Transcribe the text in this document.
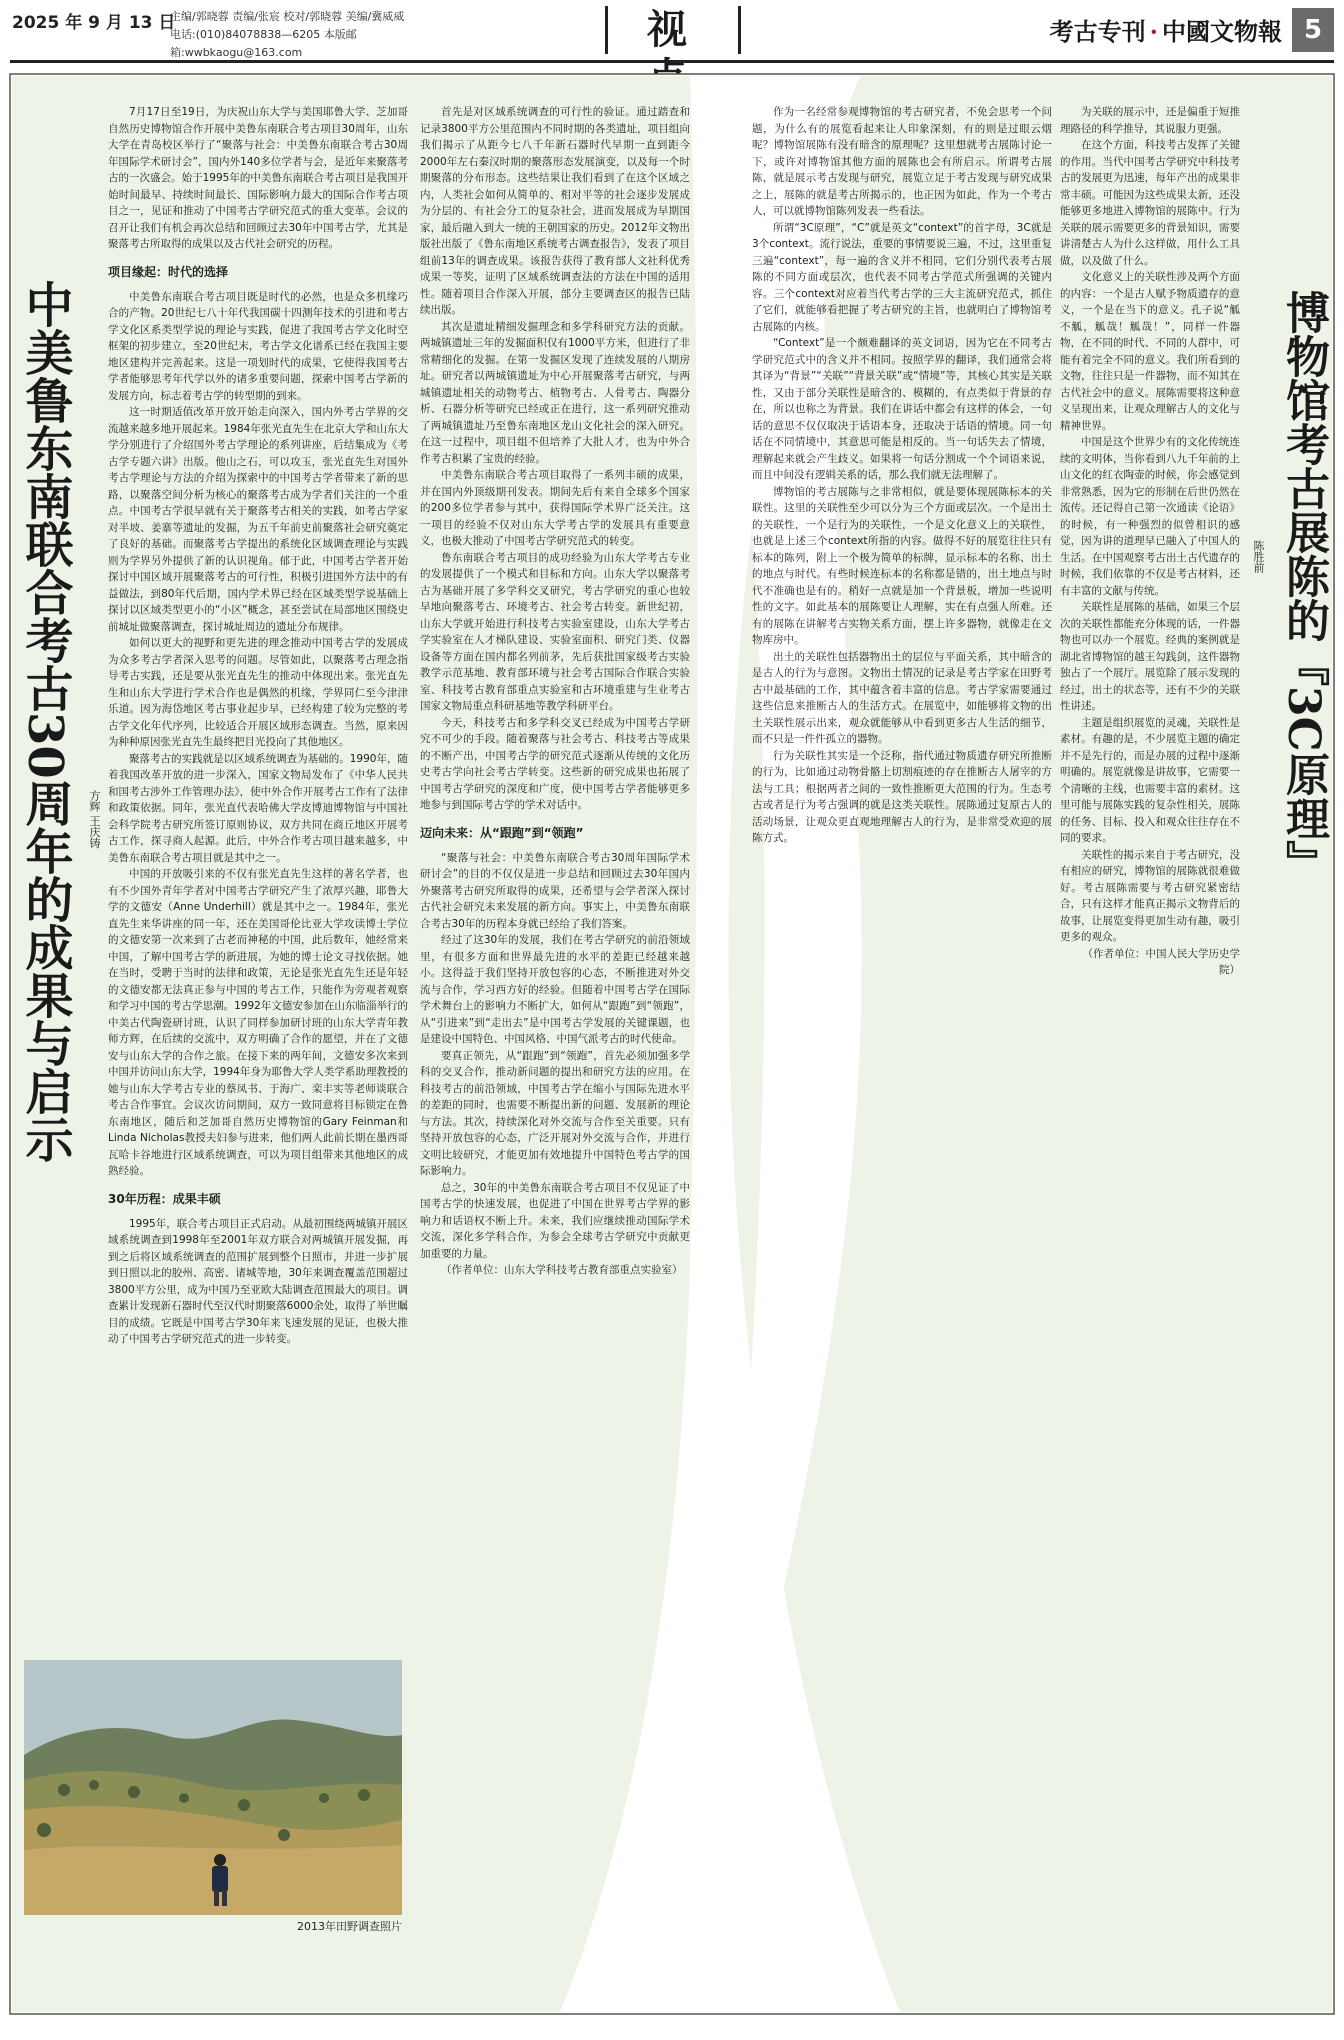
2025 年 9 月 13 日
主编/郭晓蓉 责编/张宸 校对/郭晓蓉 美编/冀威威
电话:(010)84078838—6205 本版邮箱:wwbkaogu@163.com	视	考古专刊 · 中國文物報 5
中美鲁东南联合考古30周年的成果与启示	方辉 王庆铸

7月17日至19日，为庆祝山东大学与美国耶鲁大学、芝加哥自然历史博物馆合作开展中美鲁东南联合考古项目30周年，山东大学在青岛校区举行了“聚落与社会：中美鲁东南联合考古30周年国际学术研讨会”，国内外140多位学者与会，是近年来聚落考古的一次盛会。始于1995年的中美鲁东南联合考古项目是我国开始时间最早、持续时间最长、国际影响力最大的国际合作考古项目之一，见证和推动了中国考古学研究范式的重大变革。会议的召开让我们有机会再次总结和回顾过去30年中国考古学，尤其是聚落考古所取得的成果以及古代社会研究的历程。

项目缘起：时代的选择

中美鲁东南联合考古项目既是时代的必然，也是众多机缘巧合的产物。20世纪七八十年代我国碳十四测年技术的引进和考古学文化区系类型学说的理论与实践，促进了我国考古学文化时空框架的初步建立，至20世纪末，考古学文化谱系已经在我国主要地区建构并完善起来。这是一项划时代的成果，它使得我国考古学者能够思考年代学以外的诸多重要问题，探索中国考古学新的发展方向，标志着考古学的转型期的到来。

这一时期适值改革开放开始走向深入，国内外考古学界的交流越来越多地开展起来。1984年张光直先生在北京大学和山东大学分别进行了介绍国外考古学理论的系列讲座，后结集成为《考古学专题六讲》出版。他山之石，可以攻玉，张光直先生对国外考古学理论与方法的介绍为探索中的中国考古学者带来了新的思路，以聚落空间分析为核心的聚落考古成为学者们关注的一个重点。中国考古学很早就有关于聚落考古相关的实践，如考古学家对半坡、姜寨等遗址的发掘，为五千年前史前聚落社会研究奠定了良好的基础。而聚落考古学提出的系统化区域调查理论与实践则为学界另外提供了新的认识视角。郁于此，中国考古学者开始探讨中国区域开展聚落考古的可行性，积极引进国外方法中的有益做法，到80年代后期，国内学术界已经在区域类型学说基础上探讨以区域类型更小的“小区”概念，甚至尝试在局部地区围绕史前城址做聚落调查，探讨城址周边的遗址分布规律。

如何以更大的视野和更先进的理念推动中国考古学的发展成为众多考古学者深入思考的问题。尽管如此，以聚落考古理念指导考古实践，还是要从张光直先生的推动中体现出来。张光直先生和山东大学进行学术合作也是偶然的机缘，学界同仁至今津津乐道。因为海岱地区考古事业起步早，已经构建了较为完整的考古学文化年代序列，比较适合开展区域形态调查。当然，原来因为种种原因张光直先生最终把目光投向了其他地区。

聚落考古的实践就是以区域系统调查为基础的。1990年，随着我国改革开放的进一步深入，国家文物局发布了《中华人民共和国考古涉外工作管理办法》，使中外合作开展考古工作有了法律和政策依据。同年，张光直代表哈佛大学皮博迪博物馆与中国社会科学院考古研究所签订原则协议，双方共同在商丘地区开展考古工作，探寻商人起源。此后，中外合作考古项目越来越多，中美鲁东南联合考古项目就是其中之一。

中国的开放吸引来的不仅有张光直先生这样的著名学者，也有不少国外青年学者对中国考古学研究产生了浓厚兴趣，耶鲁大学的文德安（Anne Underhill）就是其中之一。1984年，张光直先生来华讲座的同一年，还在美国哥伦比亚大学攻读博士学位的文德安第一次来到了古老而神秘的中国，此后数年，她经常来中国，了解中国考古学的新进展，为她的博士论文寻找依据。她在当时，受聘于当时的法律和政策，无论是张光直先生还是年轻的文德安都无法真正参与中国的考古工作，只能作为旁观者观察和学习中国的考古学思潮。1992年文德安参加在山东临淄举行的中美古代陶瓷研讨班，认识了同样参加研讨班的山东大学青年教师方辉，在后续的交流中，双方明确了合作的愿望，并在了文德安与山东大学的合作之旅。在接下来的两年间，文德安多次来到中国并访问山东大学，1994年身为耶鲁大学人类学系助理教授的她与山东大学考古专业的蔡凤书、于海广、栾丰实等老师谈联合考古合作事宜。会议次访问期间，双方一致同意将目标锁定在鲁东南地区，随后和芝加哥自然历史博物馆的Gary Feinman和Linda Nicholas教授夫妇参与进来，他们两人此前长期在墨西哥瓦哈卡谷地进行区域系统调查，可以为项目组带来其他地区的成熟经验。

30年历程：成果丰硕

1995年，联合考古项目正式启动。从最初围绕两城镇开展区域系统调查到1998年至2001年双方联合对两城镇开展发掘，再到之后将区域系统调查的范围扩展到整个日照市，并进一步扩展到日照以北的胶州、高密、诸城等地，30年来调查覆盖范围超过3800平方公里，成为中国乃至亚欧大陆调查范围最大的项目。调查累计发现新石器时代至汉代时期聚落6000余处，取得了举世瞩目的成绩。它既是中国考古学30年来飞速发展的见证，也极大推动了中国考古学研究范式的进一步转变。

首先是对区域系统调查的可行性的验证。通过踏查和记录3800平方公里范围内不同时期的各类遗址，项目组向我们揭示了从距今七八千年新石器时代早期一直到距今2000年左右秦汉时期的聚落形态发展演变，以及每一个时期聚落的分布形态。这些结果让我们看到了在这个区域之内，人类社会如何从简单的、相对平等的社会逐步发展成为分层的、有社会分工的复杂社会，进而发展成为早期国家，最后融入到大一统的王朝国家的历史。2012年文物出版社出版了《鲁东南地区系统考古调查报告》，发表了项目组前13年的调查成果。该报告获得了教育部人文社科优秀成果一等奖，证明了区域系统调查法的方法在中国的适用性。随着项目合作深入开展，部分主要调查区的报告已陆续出版。

其次是遗址精细发掘理念和多学科研究方法的贡献。两城镇遗址三年的发掘面积仅有1000平方米，但进行了非常精细化的发掘。在第一发掘区发现了连续发展的八期房址。研究者以两城镇遗址为中心开展聚落考古研究，与两城镇遗址相关的动物考古、植物考古、人骨考古、陶器分析、石器分析等研究已经或正在进行，这一系列研究推动了两城镇遗址乃至鲁东南地区龙山文化社会的深入研究。在这一过程中，项目组不但培养了大批人才，也为中外合作考古积累了宝贵的经验。

中美鲁东南联合考古项目取得了一系列丰硕的成果，并在国内外顶级期刊发表。期间先后有来自全球多个国家的200多位学者参与其中，获得国际学术界广泛关注。这一项目的经验不仅对山东大学考古学的发展具有重要意义，也极大推动了中国考古学研究范式的转变。

鲁东南联合考古项目的成功经验为山东大学考古专业的发展提供了一个模式和目标和方向。山东大学以聚落考古为基础开展了多学科交叉研究，考古学研究的重心也较早地向聚落考古、环境考古、社会考古转变。新世纪初，山东大学就开始进行科技考古实验室建设，山东大学考古学实验室在人才梯队建设、实验室面积、研究门类、仪器设备等方面在国内都名列前茅，先后获批国家级考古实验教学示范基地、教育部环境与社会考古国际合作联合实验室、科技考古教育部重点实验室和古环境重建与生业考古国家文物局重点科研基地等教学科研平台。

今天，科技考古和多学科交叉已经成为中国考古学研究不可少的手段。随着聚落与社会考古、科技考古等成果的不断产出，中国考古学的研究范式逐渐从传统的文化历史考古学向社会考古学转变。这些新的研究成果也拓展了中国考古学研究的深度和广度，使中国考古学者能够更多地参与到国际考古学的学术对话中。

迈向未来：从“跟跑”到“领跑”

“聚落与社会：中美鲁东南联合考古30周年国际学术研讨会”的目的不仅仅是进一步总结和回顾过去30年国内外聚落考古研究所取得的成果，还希望与会学者深入探讨古代社会研究未来发展的新方向。事实上，中美鲁东南联合考古30年的历程本身就已经给了我们答案。

经过了这30年的发展，我们在考古学研究的前沿领域里，有很多方面和世界最先进的水平的差距已经越来越小。这得益于我们坚持开放包容的心态，不断推进对外交流与合作，学习西方好的经验。但随着中国考古学在国际学术舞台上的影响力不断扩大，如何从“跟跑”到“领跑”，从“引进来”到“走出去”是中国考古学发展的关键课题，也是建设中国特色、中国风格、中国气派考古的时代使命。

要真正领先，从“跟跑”到“领跑”，首先必须加强多学科的交叉合作，推动新问题的提出和研究方法的应用。在科技考古的前沿领域，中国考古学在缩小与国际先进水平的差距的同时，也需要不断提出新的问题、发展新的理论与方法。其次，持续深化对外交流与合作至关重要。只有坚持开放包容的心态，广泛开展对外交流与合作，并进行文明比较研究，才能更加有效地提升中国特色考古学的国际影响力。

总之，30年的中美鲁东南联合考古项目不仅见证了中国考古学的快速发展，也促进了中国在世界考古学界的影响力和话语权不断上升。未来，我们应继续推动国际学术交流，深化多学科合作，为参会全球考古学研究中贡献更加重要的力量。

（作者单位：山东大学科技考古教育部重点实验室）

2013年田野调查照片
博物馆考古展陈的『3C原理』
陈胜前

作为一名经常参观博物馆的考古研究者，不免会思考一个问题，为什么有的展览看起来让人印象深刻，有的则是过眼云烟呢？博物馆展陈有没有暗含的原理呢？这里想就考古展陈讨论一下，或许对博物馆其他方面的展陈也会有所启示。所谓考古展陈，就是展示考古发现与研究，展览立足于考古发现与研究成果之上，展陈的就是考古所揭示的，也正因为如此，作为一个考古人，可以就博物馆陈列发表一些看法。

所谓“3C原理”，“C”就是英文“context”的首字母，3C就是3个context。流行说法，重要的事情要说三遍，不过，这里重复三遍“context”，每一遍的含义并不相同，它们分别代表考古展陈的不同方面或层次，也代表不同考古学范式所强调的关键内容。三个context对应着当代考古学的三大主流研究范式，抓住了它们，就能够看把握了考古研究的主旨，也就明白了博物馆考古展陈的内核。

“Context”是一个颇难翻译的英文词语，因为它在不同考古学研究范式中的含义并不相同。按照学界的翻译，我们通常会将其译为“背景”“关联”“背景关联”或“情境”等，其核心其实是关联性，又由于部分关联性是暗含的、模糊的，有点类似于背景的存在，所以也称之为背景。我们在讲话中都会有这样的体会，一句话的意思不仅仅取决于话语本身，还取决于话语的情境。同一句话在不同情境中，其意思可能是相反的。当一句话失去了情境，理解起来就会产生歧义。如果将一句话分割成一个个词语来说，而且中间没有逻辑关系的话，那么我们就无法理解了。

博物馆的考古展陈与之非常相似，就是要体现展陈标本的关联性。这里的关联性至少可以分为三个方面或层次。一个是出土的关联性，一个是行为的关联性，一个是文化意义上的关联性，也就是上述三个context所指的内容。做得不好的展览往往只有标本的陈列，附上一个极为简单的标牌，显示标本的名称、出土的地点与时代。有些时候连标本的名称都是错的，出土地点与时代不准确也是有的。稍好一点就是加一个背景板，增加一些说明性的文字。如此基本的展陈要让人理解，实在有点强人所难。还有的展陈在讲解考古实物关系方面，摆上许多器物，就像走在文物库房中。

出土的关联性包括器物出土的层位与平面关系，其中暗含的是古人的行为与意图。文物出土情况的记录是考古学家在田野考古中最基础的工作，其中蕴含着丰富的信息。考古学家需要通过这些信息来推断古人的生活方式。在展览中，如能够将文物的出土关联性展示出来，观众就能够从中看到更多古人生活的细节，而不只是一件件孤立的器物。

行为关联性其实是一个泛称，指代通过物质遗存研究所推断的行为，比如通过动物骨骼上切割痕迹的存在推断古人屠宰的方法与工具；根据两者之间的一致性推断更大范围的行为。生态考古或者是行为考古强调的就是这类关联性。展陈通过复原古人的活动场景，让观众更直观地理解古人的行为，是非常受欢迎的展陈方式。

为关联的展示中，还是偏重于短推理路径的科学推导，其说服力更强。

在这个方面，科技考古发挥了关键的作用。当代中国考古学研究中科技考古的发展更为迅速，每年产出的成果非常丰硕。可能因为这些成果太新，还没能够更多地进入博物馆的展陈中。行为关联的展示需要更多的背景知识，需要讲清楚古人为什么这样做，用什么工具做，以及做了什么。

文化意义上的关联性涉及两个方面的内容：一个是古人赋予物质遗存的意义，一个是在当下的意义。孔子说“觚不觚，觚哉！觚哉！”，同样一件器物，在不同的时代、不同的人群中，可能有着完全不同的意义。我们所看到的文物，往往只是一件器物，而不知其在古代社会中的意义。展陈需要将这种意义呈现出来，让观众理解古人的文化与精神世界。

中国是这个世界少有的文化传统连续的文明体，当你看到八九千年前的上山文化的红衣陶壶的时候，你会感觉到非常熟悉，因为它的形制在后世仍然在流传。还记得自己第一次通读《论语》的时候，有一种强烈的似曾相识的感觉，因为讲的道理早已融入了中国人的生活。在中国观察考古出土古代遗存的时候，我们依靠的不仅是考古材料，还有丰富的文献与传统。

关联性是展陈的基础，如果三个层次的关联性都能充分体现的话，一件器物也可以办一个展览。经典的案例就是湖北省博物馆的越王勾践剑，这件器物独占了一个展厅。展览除了展示发现的经过，出土的状态等，还有不少的关联性讲述。

主题是组织展览的灵魂，关联性是素材。有趣的是，不少展览主题的确定并不是先行的，而是办展的过程中逐渐明确的。展览就像是讲故事，它需要一个清晰的主线，也需要丰富的素材。这里可能与展陈实践的复杂性相关，展陈的任务、目标、投入和观众往往存在不同的要求。

关联性的揭示来自于考古研究，没有相应的研究，博物馆的展陈就很难做好。考古展陈需要与考古研究紧密结合，只有这样才能真正揭示文物背后的故事，让展览变得更加生动有趣，吸引更多的观众。

（作者单位：中国人民大学历史学院）
